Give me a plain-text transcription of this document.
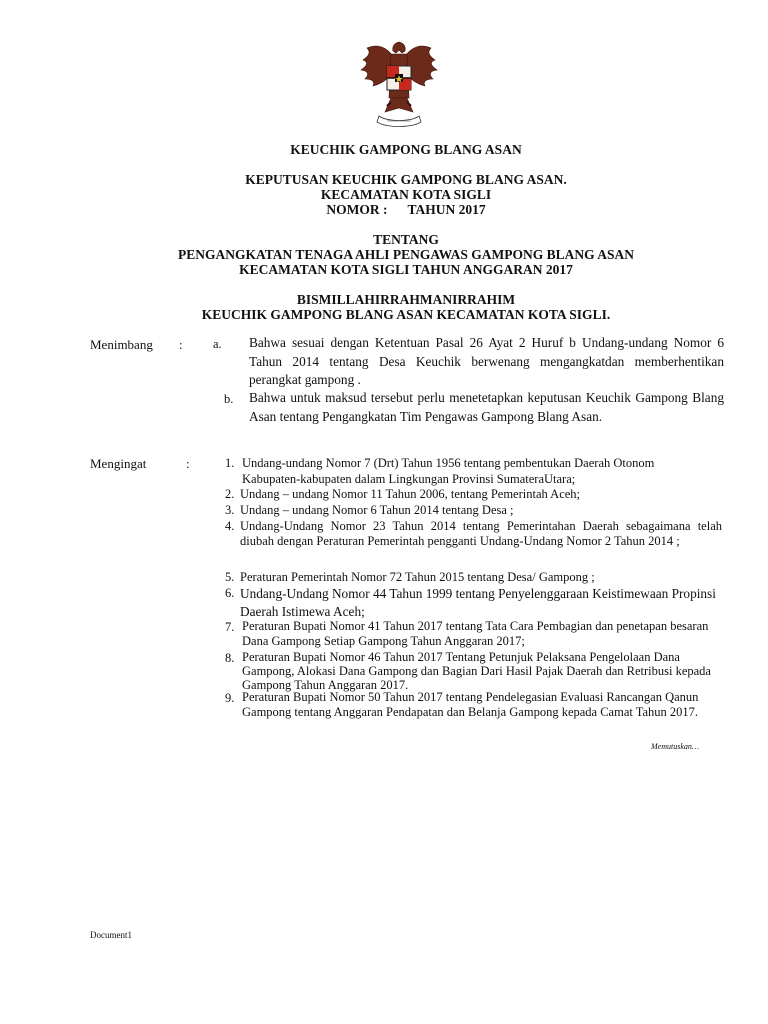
KEUCHIK GAMPONG BLANG ASAN
KEPUTUSAN KEUCHIK GAMPONG BLANG ASAN.
KECAMATAN KOTA SIGLI
NOMOR :      TAHUN 2017
TENTANG
PENGANGKATAN TENAGA AHLI PENGAWAS GAMPONG BLANG ASAN
KECAMATAN KOTA SIGLI TAHUN ANGGARAN 2017
BISMILLAHIRRAHMANIRRAHIM
KEUCHIK GAMPONG BLANG ASAN KECAMATAN KOTA SIGLI.
Menimbang : a. Bahwa sesuai dengan Ketentuan Pasal 26 Ayat 2 Huruf b Undang-undang Nomor 6 Tahun 2014 tentang Desa Keuchik berwenang mengangkatdan memberhentikan perangkat gampong .
b. Bahwa untuk maksud tersebut perlu menetetapkan keputusan Keuchik Gampong Blang Asan tentang Pengangkatan Tim Pengawas Gampong Blang Asan.
Mengingat	:	1. Undang-undang Nomor 7 (Drt) Tahun 1956 tentang pembentukan Daerah Otonom Kabupaten-kabupaten dalam Lingkungan Provinsi SumateraUtara;
2. Undang – undang Nomor 11 Tahun 2006, tentang Pemerintah Aceh;
3. Undang – undang Nomor 6 Tahun 2014 tentang Desa ;
4. Undang-Undang Nomor 23 Tahun 2014 tentang Pemerintahan Daerah sebagaimana telah diubah dengan Peraturan Pemerintah pengganti Undang-Undang Nomor 2 Tahun 2014 ;
5. Peraturan Pemerintah Nomor 72 Tahun 2015 tentang Desa/ Gampong ;
6. Undang-Undang Nomor 44 Tahun 1999 tentang Penyelenggaraan Keistimewaan Propinsi Daerah Istimewa Aceh;
7. Peraturan Bupati Nomor 41 Tahun 2017 tentang Tata Cara Pembagian dan penetapan besaran Dana Gampong Setiap Gampong Tahun Anggaran 2017;
8. Peraturan Bupati Nomor 46 Tahun 2017 Tentang Petunjuk Pelaksana Pengelolaan Dana Gampong, Alokasi Dana Gampong dan Bagian Dari Hasil Pajak Daerah dan Retribusi kepada Gampong Tahun Anggaran 2017.
9. Peraturan Bupati Nomor 50 Tahun 2017 tentang Pendelegasian Evaluasi Rancangan Qanun Gampong tentang Anggaran Pendapatan dan Belanja Gampong kepada Camat Tahun 2017.
Memutuskan…
Document1
